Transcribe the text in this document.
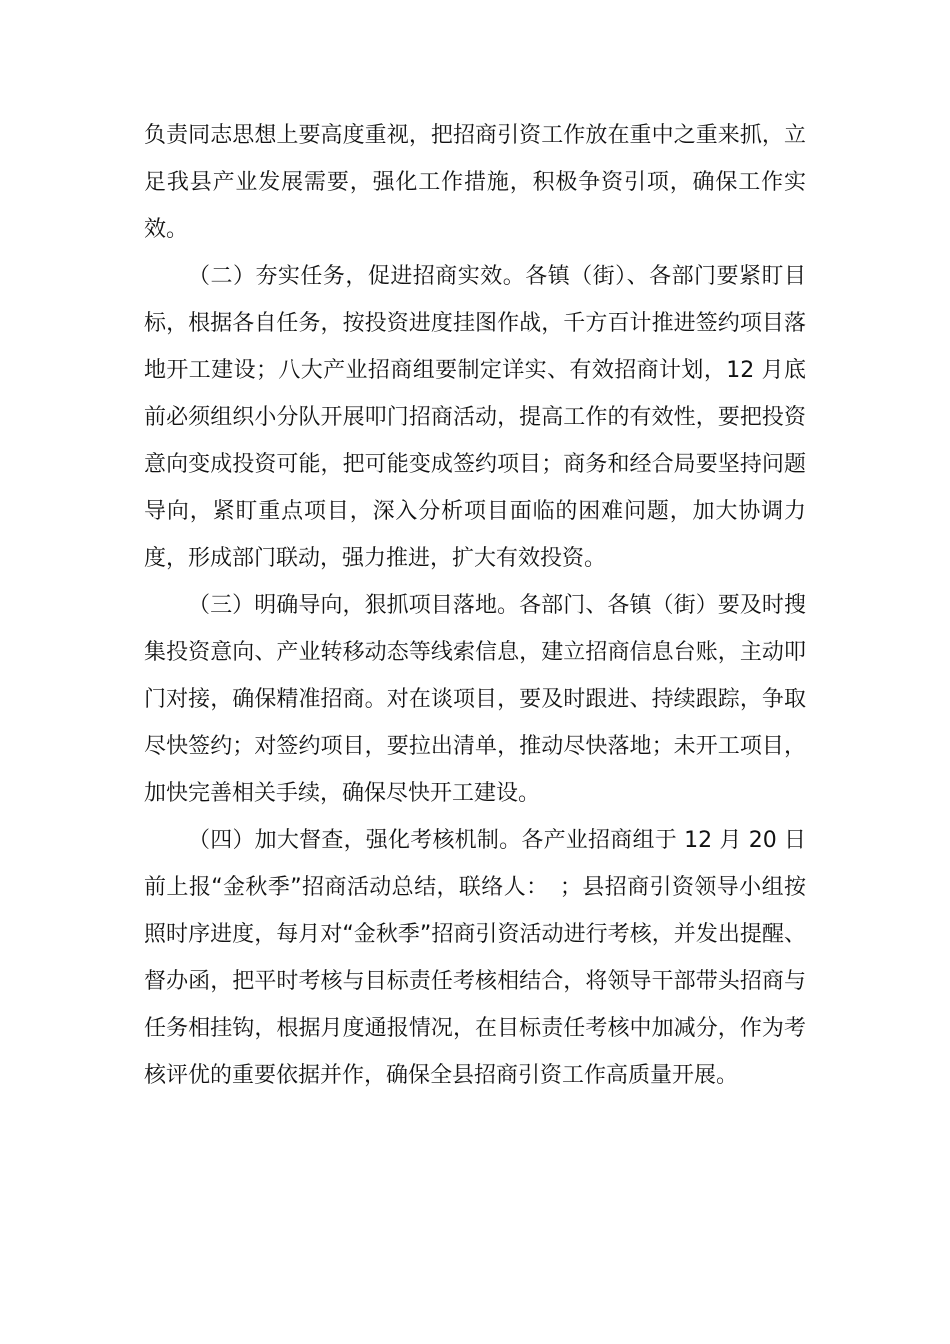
负责同志思想上要高度重视，把招商引资工作放在重中之重来抓，立足我县产业发展需要，强化工作措施，积极争资引项，确保工作实效。

（二）夯实任务，促进招商实效。各镇（街）、各部门要紧盯目标，根据各自任务，按投资进度挂图作战，千方百计推进签约项目落地开工建设；八大产业招商组要制定详实、有效招商计划，12 月底前必须组织小分队开展叩门招商活动，提高工作的有效性，要把投资意向变成投资可能，把可能变成签约项目；商务和经合局要坚持问题导向，紧盯重点项目，深入分析项目面临的困难问题，加大协调力度，形成部门联动，强力推进，扩大有效投资。

（三）明确导向，狠抓项目落地。各部门、各镇（街）要及时搜集投资意向、产业转移动态等线索信息，建立招商信息台账，主动叩门对接，确保精准招商。对在谈项目，要及时跟进、持续跟踪，争取尽快签约；对签约项目，要拉出清单，推动尽快落地；未开工项目，加快完善相关手续，确保尽快开工建设。

（四）加大督查，强化考核机制。各产业招商组于 12 月 20 日前上报“金秋季”招商活动总结，联络人：　；县招商引资领导小组按照时序进度，每月对“金秋季”招商引资活动进行考核，并发出提醒、督办函，把平时考核与目标责任考核相结合，将领导干部带头招商与任务相挂钩，根据月度通报情况，在目标责任考核中加减分，作为考核评优的重要依据并作，确保全县招商引资工作高质量开展。
